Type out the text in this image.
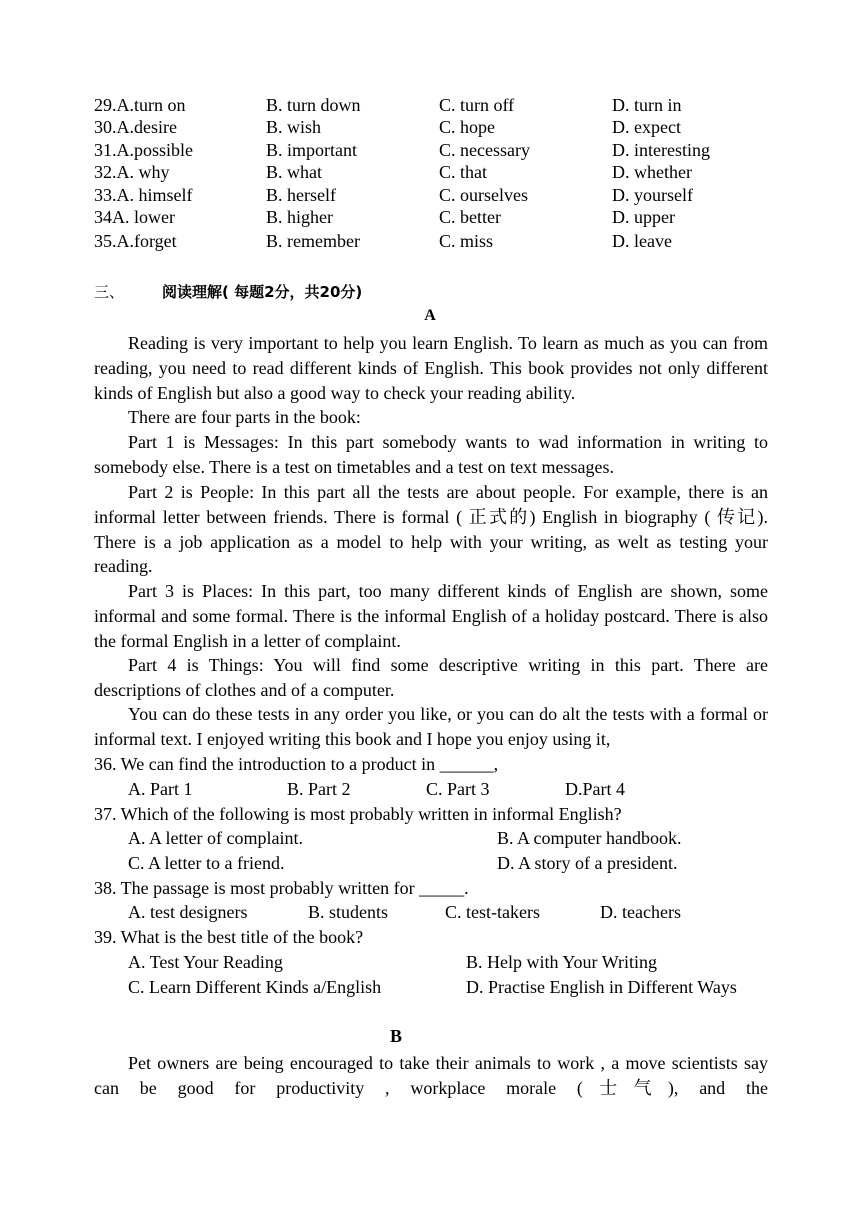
29.A.turn on	B. turn down	C. turn off	D. turn in
30.A.desire	B. wish	C. hope	D. expect
31.A.possible	B. important	C. necessary	D. interesting
32.A. why	B. what	C. that	D. whether
33.A. himself	B. herself	C. ourselves	D. yourself
34A. lower	B. higher	C. better	D. upper
35.A.forget	B. remember	C. miss	D. leave
三、	阅读理解( 每题2分，共20分)
A
Reading is very important to help you learn English. To learn as much as you can from reading, you need to read different kinds of English. This book provides not only different kinds of English but also a good way to check your reading ability.
There are four parts in the book:
Part 1 is Messages: In this part somebody wants to wad information in writing to somebody else. There is a test on timetables and a test on text messages.
Part 2 is People: In this part all the tests are about people. For example, there is an informal letter between friends. There is formal ( 正式的) English in biography ( 传记). There is a job application as a model to help with your writing, as welt as testing your reading.
Part 3 is Places: In this part, too many different kinds of English are shown, some informal and some formal. There is the informal English of a holiday postcard. There is also the formal English in a letter of complaint.
Part 4 is Things: You will find some descriptive writing in this part. There are descriptions of clothes and of a computer.
You can do these tests in any order you like, or you can do alt the tests with a formal or informal text. I enjoyed writing this book and I hope you enjoy using it,
36. We can find the introduction to a product in ______,
A. Part 1	B. Part 2	C. Part 3	D.Part 4
37. Which of the following is most probably written in informal English?
A. A letter of complaint.	B. A computer handbook.
C. A letter to a friend.	D. A story of a president.
38. The passage is most probably written for _____.
A. test designers	B. students	C. test-takers	D. teachers
39. What is the best title of the book?
A. Test Your Reading	B. Help with Your Writing
C. Learn Different Kinds a/English	D. Practise English in Different Ways
B
Pet owners are being encouraged to take their animals to work , a move scientists say can be good for productivity , workplace morale (士气), and the
